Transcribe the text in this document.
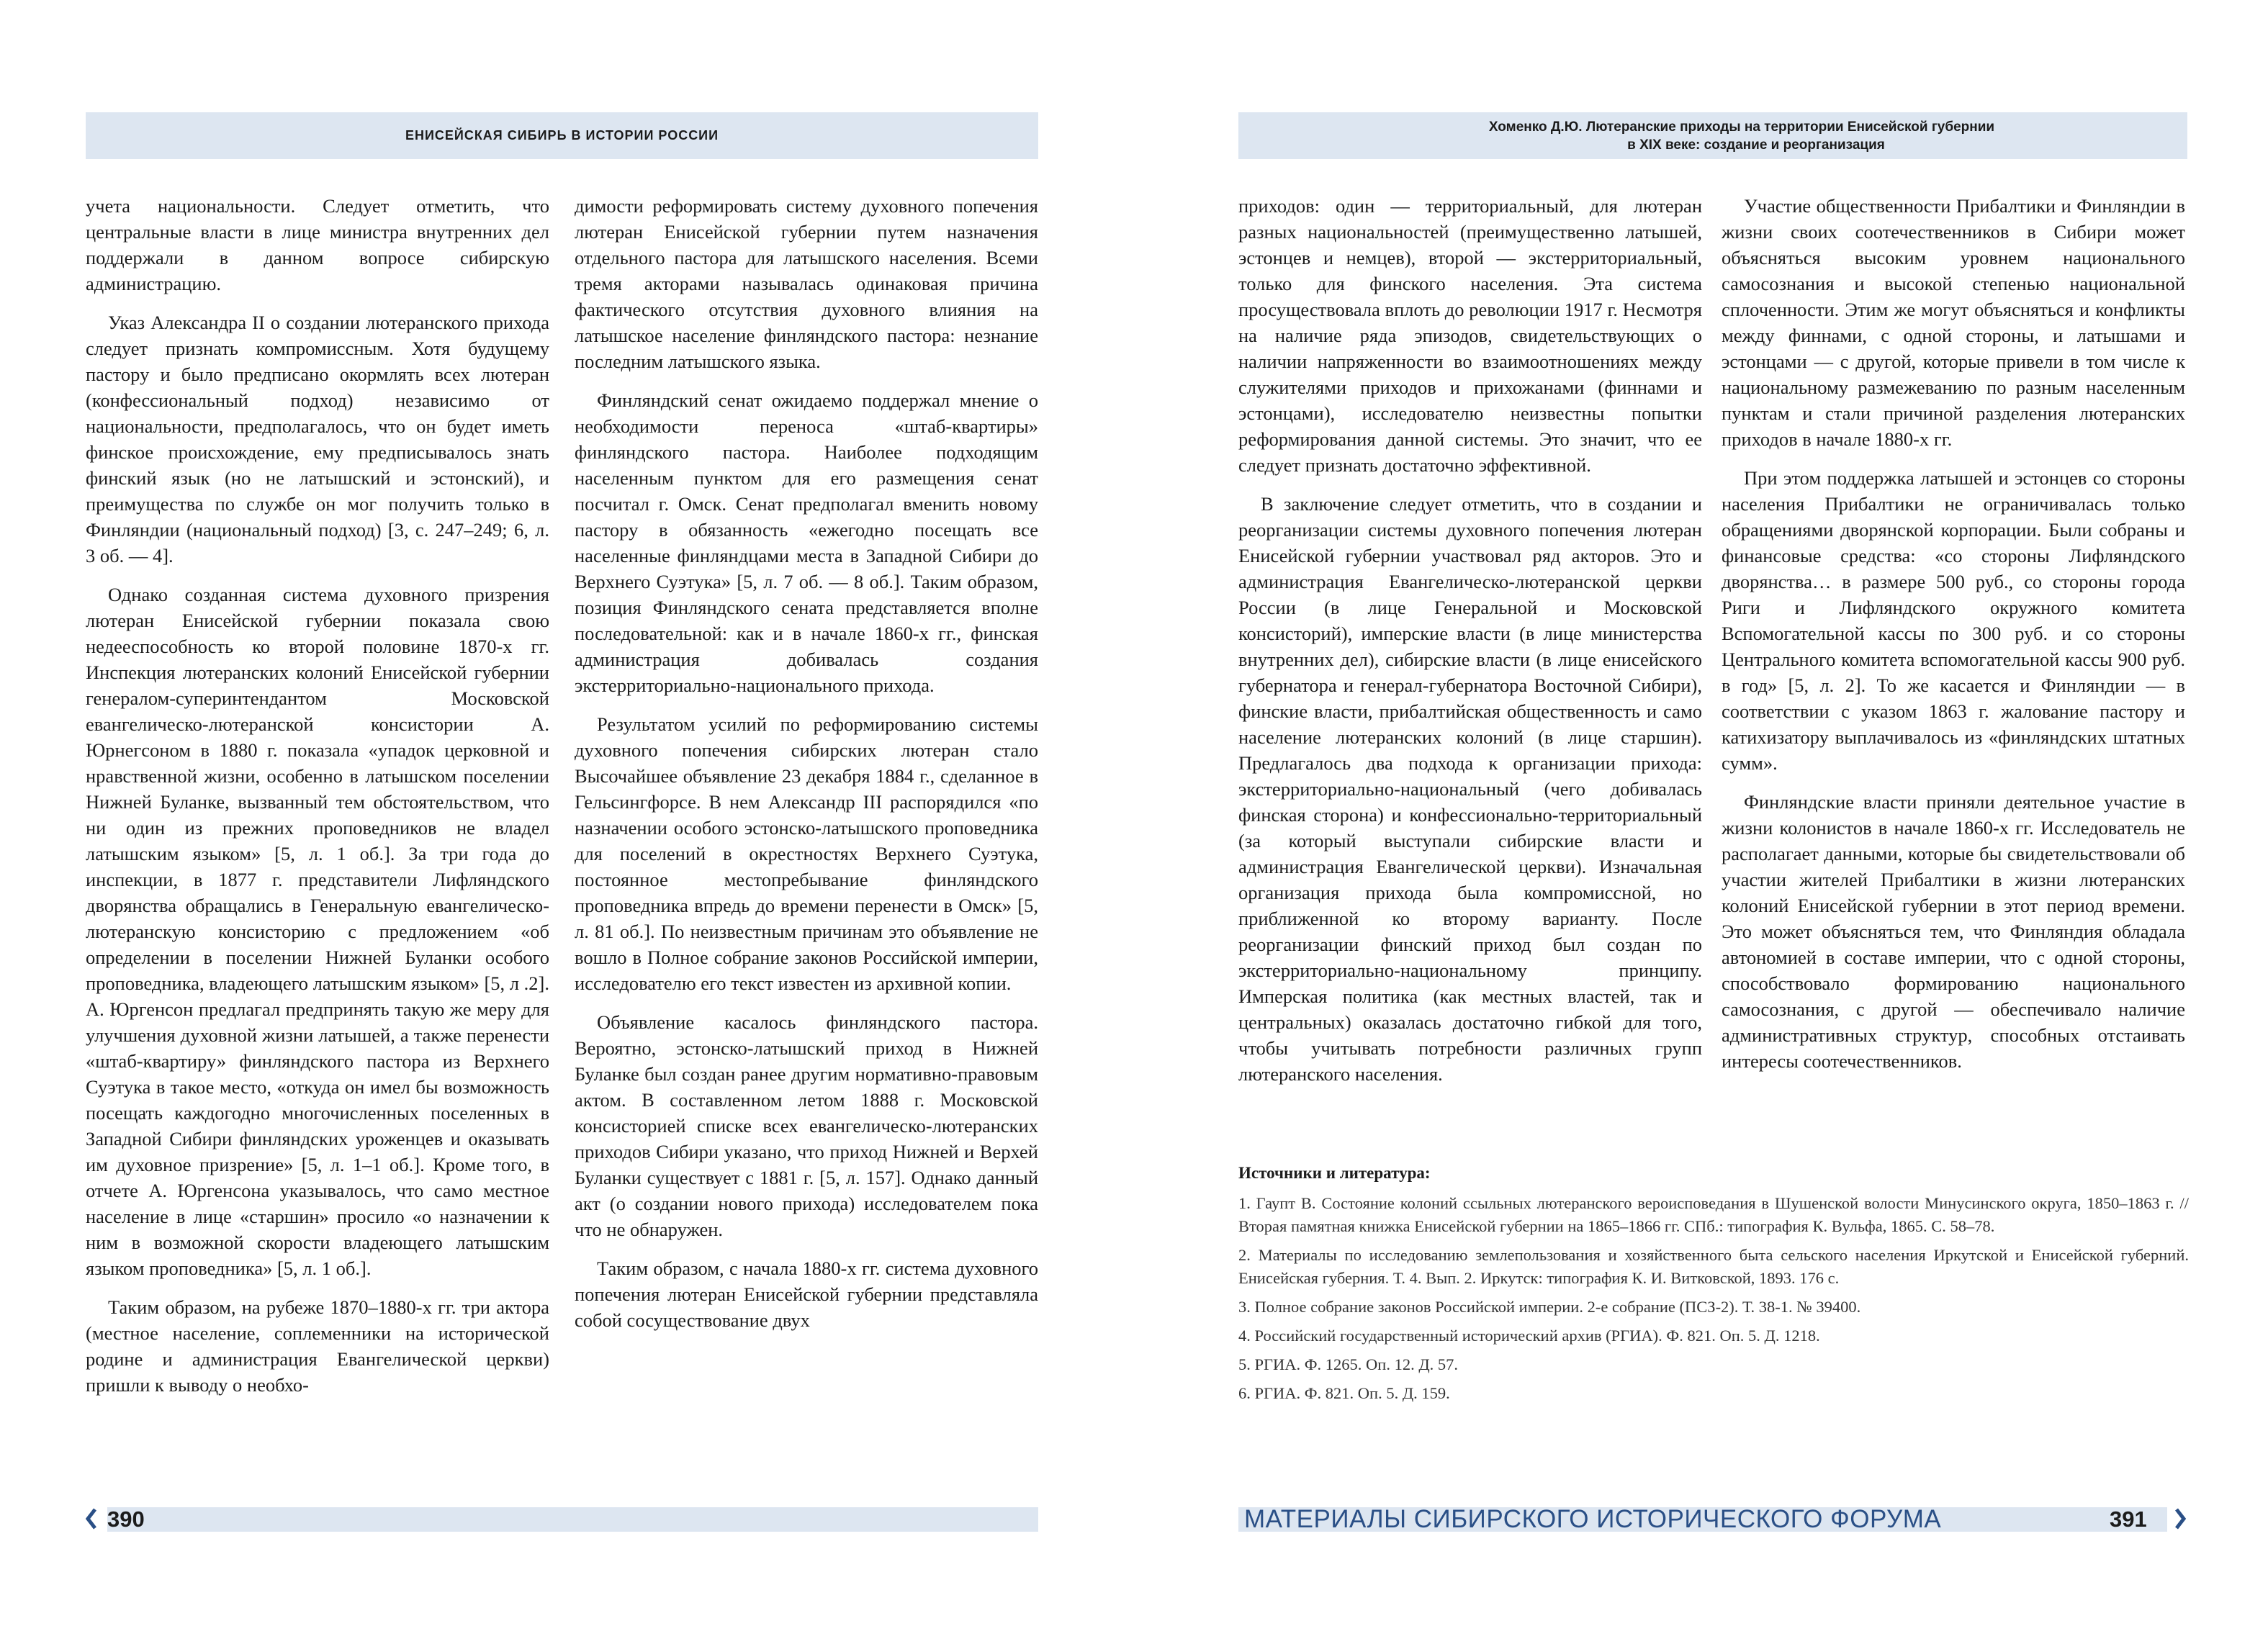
ЕНИСЕЙСКАЯ СИБИРЬ В ИСТОРИИ РОССИИ
Хоменко Д.Ю. Лютеранские приходы на территории Енисейской губернии
в XIX веке: создание и реорганизация

учета национальности. Следует отметить, что центральные власти в лице министра внутренних дел поддержали в данном вопросе сибирскую администрацию.

Указ Александра II о создании лютеранского прихода следует признать компромиссным. Хотя будущему пастору и было предписано окормлять всех лютеран (конфессиональный подход) независимо от национальности, предполагалось, что он будет иметь финское происхождение, ему предписывалось знать финский язык (но не латышский и эстонский), и преимущества по службе он мог получить только в Финляндии (национальный подход) [3, с. 247–249; 6, л. 3 об. — 4].

Однако созданная система духовного призрения лютеран Енисейской губернии показала свою недееспособность ко второй половине 1870-х гг. Инспекция лютеранских колоний Енисейской губернии генералом-суперинтендантом Московской евангелическо-лютеранской консистории А. Юрнегсоном в 1880 г. показала «упадок церковной и нравственной жизни, особенно в латышском поселении Нижней Буланке, вызванный тем обстоятельством, что ни один из прежних проповедников не владел латышским языком» [5, л. 1 об.]. За три года до инспекции, в 1877 г. представители Лифляндского дворянства обращались в Генеральную евангелическо-лютеранскую консисторию с предложением «об определении в поселении Нижней Буланки особого проповедника, владеющего латышским языком» [5, л .2]. А. Юргенсон предлагал предпринять такую же меру для улучшения духовной жизни латышей, а также перенести «штаб-квартиру» финляндского пастора из Верхнего Суэтука в такое место, «откуда он имел бы возможность посещать каждогодно многочисленных поселенных в Западной Сибири финляндских уроженцев и оказывать им духовное призрение» [5, л. 1–1 об.]. Кроме того, в отчете А. Юргенсона указывалось, что само местное население в лице «старшин» просило «о назначении к ним в возможной скорости владеющего латышским языком проповедника» [5, л. 1 об.].

Таким образом, на рубеже 1870–1880-х гг. три актора (местное население, соплеменники на исторической родине и администрация Евангелической церкви) пришли к выводу о необхо-

димости реформировать систему духовного попечения лютеран Енисейской губернии путем назначения отдельного пастора для латышского населения. Всеми тремя акторами называлась одинаковая причина фактического отсутствия духовного влияния на латышское население финляндского пастора: незнание последним латышского языка.

Финляндский сенат ожидаемо поддержал мнение о необходимости переноса «штаб-квартиры» финляндского пастора. Наиболее подходящим населенным пунктом для его размещения сенат посчитал г. Омск. Сенат предполагал вменить новому пастору в обязанность «ежегодно посещать все населенные финляндцами места в Западной Сибири до Верхнего Суэтука» [5, л. 7 об. — 8 об.]. Таким образом, позиция Финляндского сената представляется вполне последовательной: как и в начале 1860-х гг., финская администрация добивалась создания экстерриториально-национального прихода.

Результатом усилий по реформированию системы духовного попечения сибирских лютеран стало Высочайшее объявление 23 декабря 1884 г., сделанное в Гельсингфорсе. В нем Александр III распорядился «по назначении особого эстонско-латышского проповедника для поселений в окрестностях Верхнего Суэтука, постоянное местопребывание финляндского проповедника впредь до времени перенести в Омск» [5, л. 81 об.]. По неизвестным причинам это объявление не вошло в Полное собрание законов Российской империи, исследователю его текст известен из архивной копии.

Объявление касалось финляндского пастора. Вероятно, эстонско-латышский приход в Нижней Буланке был создан ранее другим нормативно-правовым актом. В составленном летом 1888 г. Московской консисторией списке всех евангелическо-лютеранских приходов Сибири указано, что приход Нижней и Верхей Буланки существует с 1881 г. [5, л. 157]. Однако данный акт (о создании нового прихода) исследователем пока что не обнаружен.

Таким образом, с начала 1880-х гг. система духовного попечения лютеран Енисейской губернии представляла собой сосуществование двух

приходов: один — территориальный, для лютеран разных национальностей (преимущественно латышей, эстонцев и немцев), второй — экстерриториальный, только для финского населения. Эта система просуществовала вплоть до революции 1917 г. Несмотря на наличие ряда эпизодов, свидетельствующих о наличии напряженности во взаимоотношениях между служителями приходов и прихожанами (финнами и эстонцами), исследователю неизвестны попытки реформирования данной системы. Это значит, что ее следует признать достаточно эффективной.

В заключение следует отметить, что в создании и реорганизации системы духовного попечения лютеран Енисейской губернии участвовал ряд акторов. Это и администрация Евангелическо-лютеранской церкви России (в лице Генеральной и Московской консисторий), имперские власти (в лице министерства внутренних дел), сибирские власти (в лице енисейского губернатора и генерал-губернатора Восточной Сибири), финские власти, прибалтийская общественность и само население лютеранских колоний (в лице старшин). Предлагалось два подхода к организации прихода: экстерриториально-национальный (чего добивалась финская сторона) и конфессионально-территориальный (за который выступали сибирские власти и администрация Евангелической церкви). Изначальная организация прихода была компромиссной, но приближенной ко второму варианту. После реорганизации финский приход был создан по экстерриториально-национальному принципу. Имперская политика (как местных властей, так и центральных) оказалась достаточно гибкой для того, чтобы учитывать потребности различных групп лютеранского населения.

Участие общественности Прибалтики и Финляндии в жизни своих соотечественников в Сибири может объясняться высоким уровнем национального самосознания и высокой степенью национальной сплоченности. Этим же могут объясняться и конфликты между финнами, с одной стороны, и латышами и эстонцами — с другой, которые привели в том числе к национальному размежеванию по разным населенным пунктам и стали причиной разделения лютеранских приходов в начале 1880-х гг.

При этом поддержка латышей и эстонцев со стороны населения Прибалтики не ограничивалась только обращениями дворянской корпорации. Были собраны и финансовые средства: «со стороны Лифляндского дворянства… в размере 500 руб., со стороны города Риги и Лифляндского окружного комитета Вспомогательной кассы по 300 руб. и со стороны Центрального комитета вспомогательной кассы 900 руб. в год» [5, л. 2]. То же касается и Финляндии — в соответствии с указом 1863 г. жалование пастору и катихизатору выплачивалось из «финляндских штатных сумм».

Финляндские власти приняли деятельное участие в жизни колонистов в начале 1860-х гг. Исследователь не располагает данными, которые бы свидетельствовали об участии жителей Прибалтики в жизни лютеранских колоний Енисейской губернии в этот период времени. Это может объясняться тем, что Финляндия обладала автономией в составе империи, что с одной стороны, способствовало формированию национального самосознания, с другой — обеспечивало наличие административных структур, способных отстаивать интересы соотечественников.

Источники и литература:
1. Гаупт В. Состояние колоний ссыльных лютеранского вероисповедания в Шушенской волости Минусинского округа, 1850–1863 г. // Вторая памятная книжка Енисейской губернии на 1865–1866 гг. СПб.: типография К. Вульфа, 1865. С. 58–78.
2. Материалы по исследованию землепользования и хозяйственного быта сельского населения Иркутской и Енисейской губерний. Енисейская губерния. Т. 4. Вып. 2. Иркутск: типография К. И. Витковской, 1893. 176 с.
3. Полное собрание законов Российской империи. 2-е собрание (ПСЗ-2). Т. 38-1. № 39400.
4. Российский государственный исторический архив (РГИА). Ф. 821. Оп. 5. Д. 1218.
5. РГИА. Ф. 1265. Оп. 12. Д. 57.
6. РГИА. Ф. 821. Оп. 5. Д. 159.
390	МАТЕРИАЛЫ СИБИРСКОГО ИСТОРИЧЕСКОГО ФОРУМА	391
